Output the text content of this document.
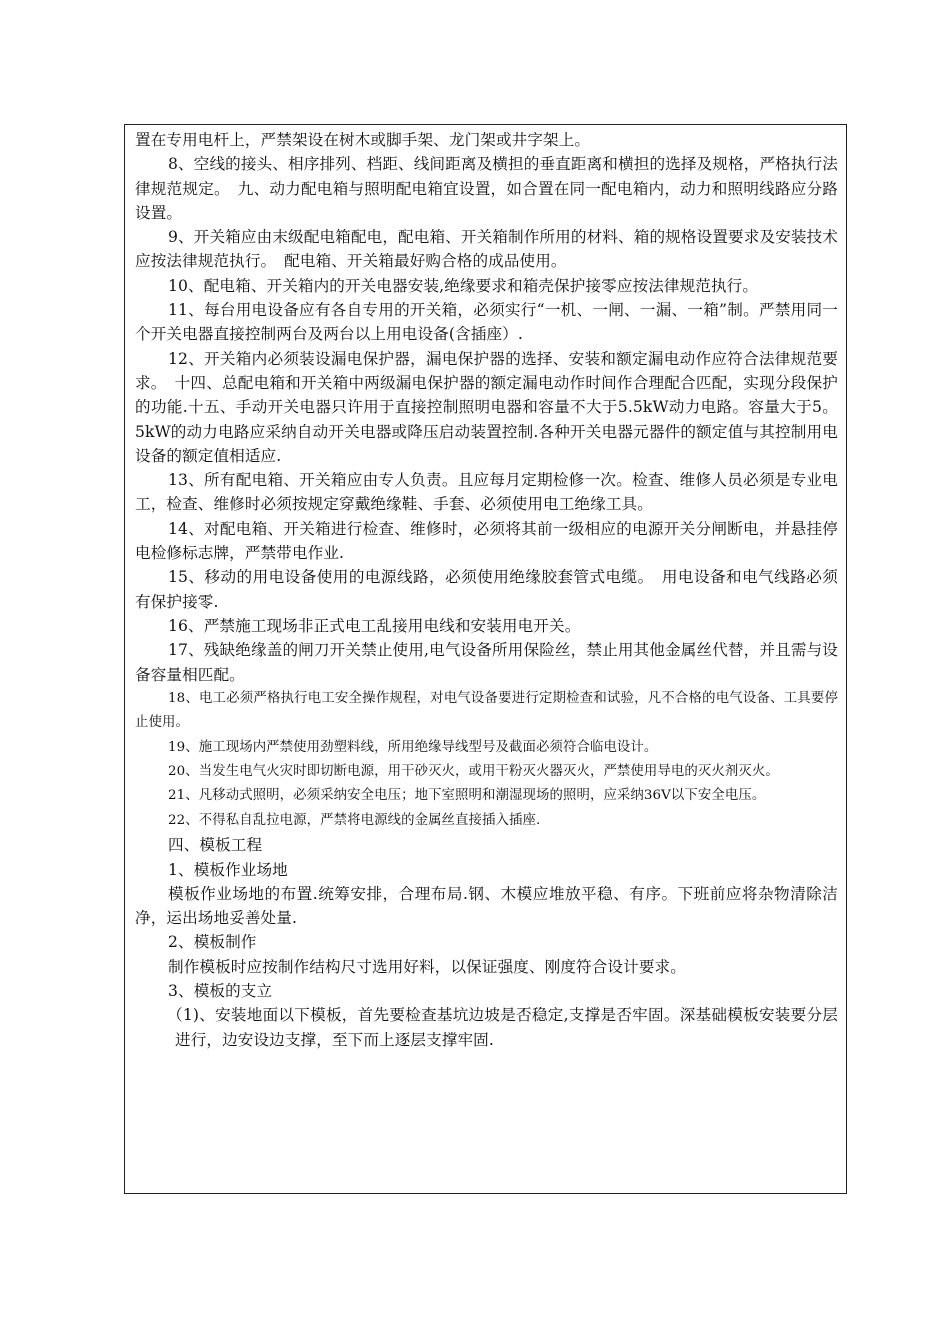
置在专用电杆上，严禁架设在树木或脚手架、龙门架或井字架上。

8、空线的接头、相序排列、档距、线间距离及横担的垂直距离和横担的选择及规格，严格执行法律规范规定。　九、动力配电箱与照明配电箱宜设置，如合置在同一配电箱内，动力和照明线路应分路设置。

9、开关箱应由末级配电箱配电，配电箱、开关箱制作所用的材料、箱的规格设置要求及安装技术应按法律规范执行。　配电箱、开关箱最好购合格的成品使用。

10、配电箱、开关箱内的开关电器安装,绝缘要求和箱壳保护接零应按法律规范执行。

11、每台用电设备应有各自专用的开关箱，必须实行“一机、一闸、一漏、一箱”制。严禁用同一个开关电器直接控制两台及两台以上用电设备(含插座）.

12、开关箱内必须装设漏电保护器，漏电保护器的选择、安装和额定漏电动作应符合法律规范要求。　十四、总配电箱和开关箱中两级漏电保护器的额定漏电动作时间作合理配合匹配，实现分段保护的功能.十五、手动开关电器只许用于直接控制照明电器和容量不大于5.5kW动力电路。容量大于5。5kW的动力电路应采纳自动开关电器或降压启动装置控制.各种开关电器元器件的额定值与其控制用电设备的额定值相适应.

13、所有配电箱、开关箱应由专人负责。且应每月定期检修一次。检查、维修人员必须是专业电工，检查、维修时必须按规定穿戴绝缘鞋、手套、必须使用电工绝缘工具。

14、对配电箱、开关箱进行检查、维修时，必须将其前一级相应的电源开关分闸断电，并悬挂停电检修标志牌，严禁带电作业.

15、移动的用电设备使用的电源线路，必须使用绝缘胶套管式电缆。　用电设备和电气线路必须有保护接零.

16、严禁施工现场非正式电工乱接用电线和安装用电开关。

17、残缺绝缘盖的闸刀开关禁止使用,电气设备所用保险丝，禁止用其他金属丝代替，并且需与设备容量相匹配。

18、电工必须严格执行电工安全操作规程，对电气设备要进行定期检查和试验，凡不合格的电气设备、工具要停止使用。

19、施工现场内严禁使用劲塑料线，所用绝缘导线型号及截面必须符合临电设计。

20、当发生电气火灾时即切断电源，用干砂灭火，或用干粉灭火器灭火，严禁使用导电的灭火剂灭火。

21、凡移动式照明，必须采纳安全电压；地下室照明和潮湿现场的照明，应采纳36V以下安全电压。

22、不得私自乱拉电源，严禁将电源线的金属丝直接插入插座.

四、模板工程

1、模板作业场地

模板作业场地的布置.统筹安排，合理布局.钢、木模应堆放平稳、有序。下班前应将杂物清除洁净，运出场地妥善处量.

2、模板制作

制作模板时应按制作结构尺寸选用好料，以保证强度、刚度符合设计要求。

3、模板的支立

（1)、安装地面以下模板，首先要检查基坑边坡是否稳定,支撑是否牢固。深基础模板安装要分层进行，边安设边支撑，至下而上逐层支撑牢固.
